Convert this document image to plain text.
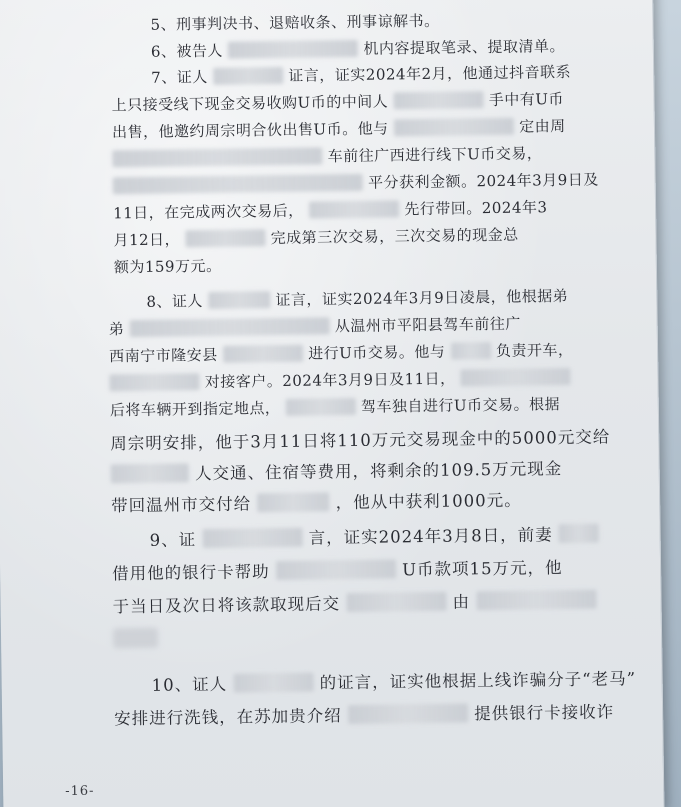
5、刑事判决书、退赔收条、刑事谅解书。
6、被告人	机内容提取笔录、提取清单。
7、证人	证言，证实2024年2月，他通过抖音联系
上只接受线下现金交易收购U币的中间人	手中有U币
出售，他邀约周宗明合伙出售U币。他与	定由周
车前往广西进行线下U币交易，
平分获利金额。2024年3月9日及
11日，在完成两次交易后，	先行带回。2024年3
月12日，	完成第三次交易，三次交易的现金总
额为159万元。
8、证人	证言，证实2024年3月9日凌晨，他根据弟
弟	从温州市平阳县驾车前往广
西南宁市隆安县	进行U币交易。他与	负责开车，
对接客户。2024年3月9日及11日，
后将车辆开到指定地点，	驾车独自进行U币交易。根据
周宗明安排，他于3月11日将110万元交易现金中的5000元交给
人交通、住宿等费用，将剩余的109.5万元现金
带回温州市交付给	，他从中获利1000元。
9、证	言，证实2024年3月8日，前妻
借用他的银行卡帮助	U币款项15万元，他
于当日及次日将该款取现后交	由
10、证人	的证言，证实他根据上线诈骗分子“老马”
安排进行洗钱，在苏加贵介绍	提供银行卡接收诈
-16-
